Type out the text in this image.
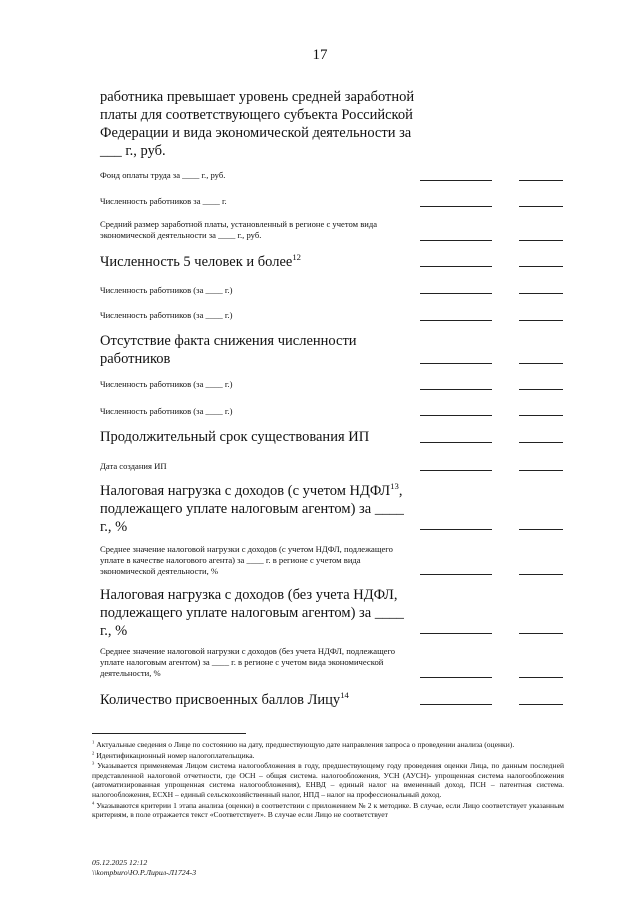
17
работника превышает уровень средней заработной платы для соответствующего субъекта Российской Федерации и вида экономической деятельности за ___ г., руб.
Фонд оплаты труда за ____ г., руб.
Численность работников за ____ г.
Средний размер заработной платы, установленный в регионе с учетом вида экономической деятельности за ____ г., руб.
Численность 5 человек и более$^{12}$
Численность работников (за ____ г.)
Численность работников (за ____ г.)
Отсутствие факта снижения численности работников
Численность работников (за ____ г.)
Численность работников (за ____ г.)
Продолжительный срок существования ИП
Дата создания ИП
Налоговая нагрузка с доходов (с учетом НДФЛ$^{13}$, подлежащего уплате налоговым агентом) за ____ г., %
Среднее значение налоговой нагрузки с доходов (с учетом НДФЛ, подлежащего уплате в качестве налогового агента) за ____ г. в регионе с учетом вида экономической деятельности, %
Налоговая нагрузка с доходов (без учета НДФЛ, подлежащего уплате налоговым агентом) за ____ г., %
Среднее значение налоговой нагрузки с доходов (без учета НДФЛ, подлежащего уплате налоговым агентом) за ____ г. в регионе с учетом вида экономической деятельности, %
Количество присвоенных баллов Лицу$^{14}$

$^1$ Актуальные сведения о Лице по состоянию на дату, предшествующую дате направления запроса о проведении анализа (оценки).

$^2$ Идентификационный номер налогоплательщика.

$^3$ Указывается применяемая Лицом система налогообложения в году, предшествующему году проведения оценки Лица, по данным последней представленной налоговой отчетности, где ОСН – общая система. налогообложения, УСН (АУСН)- упрощенная система налогообложения (автоматизированная упрощенная система налогообложения), ЕНВД – единый налог на вмененный доход, ПСН – патентная система. налогообложения, ЕСХН – единый сельскохозяйственный налог, НПД – налог на профессиональный доход.

$^4$ Указываются критерии 1 этапа анализа (оценки) в соответствии с приложением № 2 к методике. В случае, если Лицо соответствует указанным критериям, в поле отражается текст «Соответствует». В случае если Лицо не соответствует

05.12.2025 12:12
\\kompburo\Ю.Р.Лирил-Л1724-3
